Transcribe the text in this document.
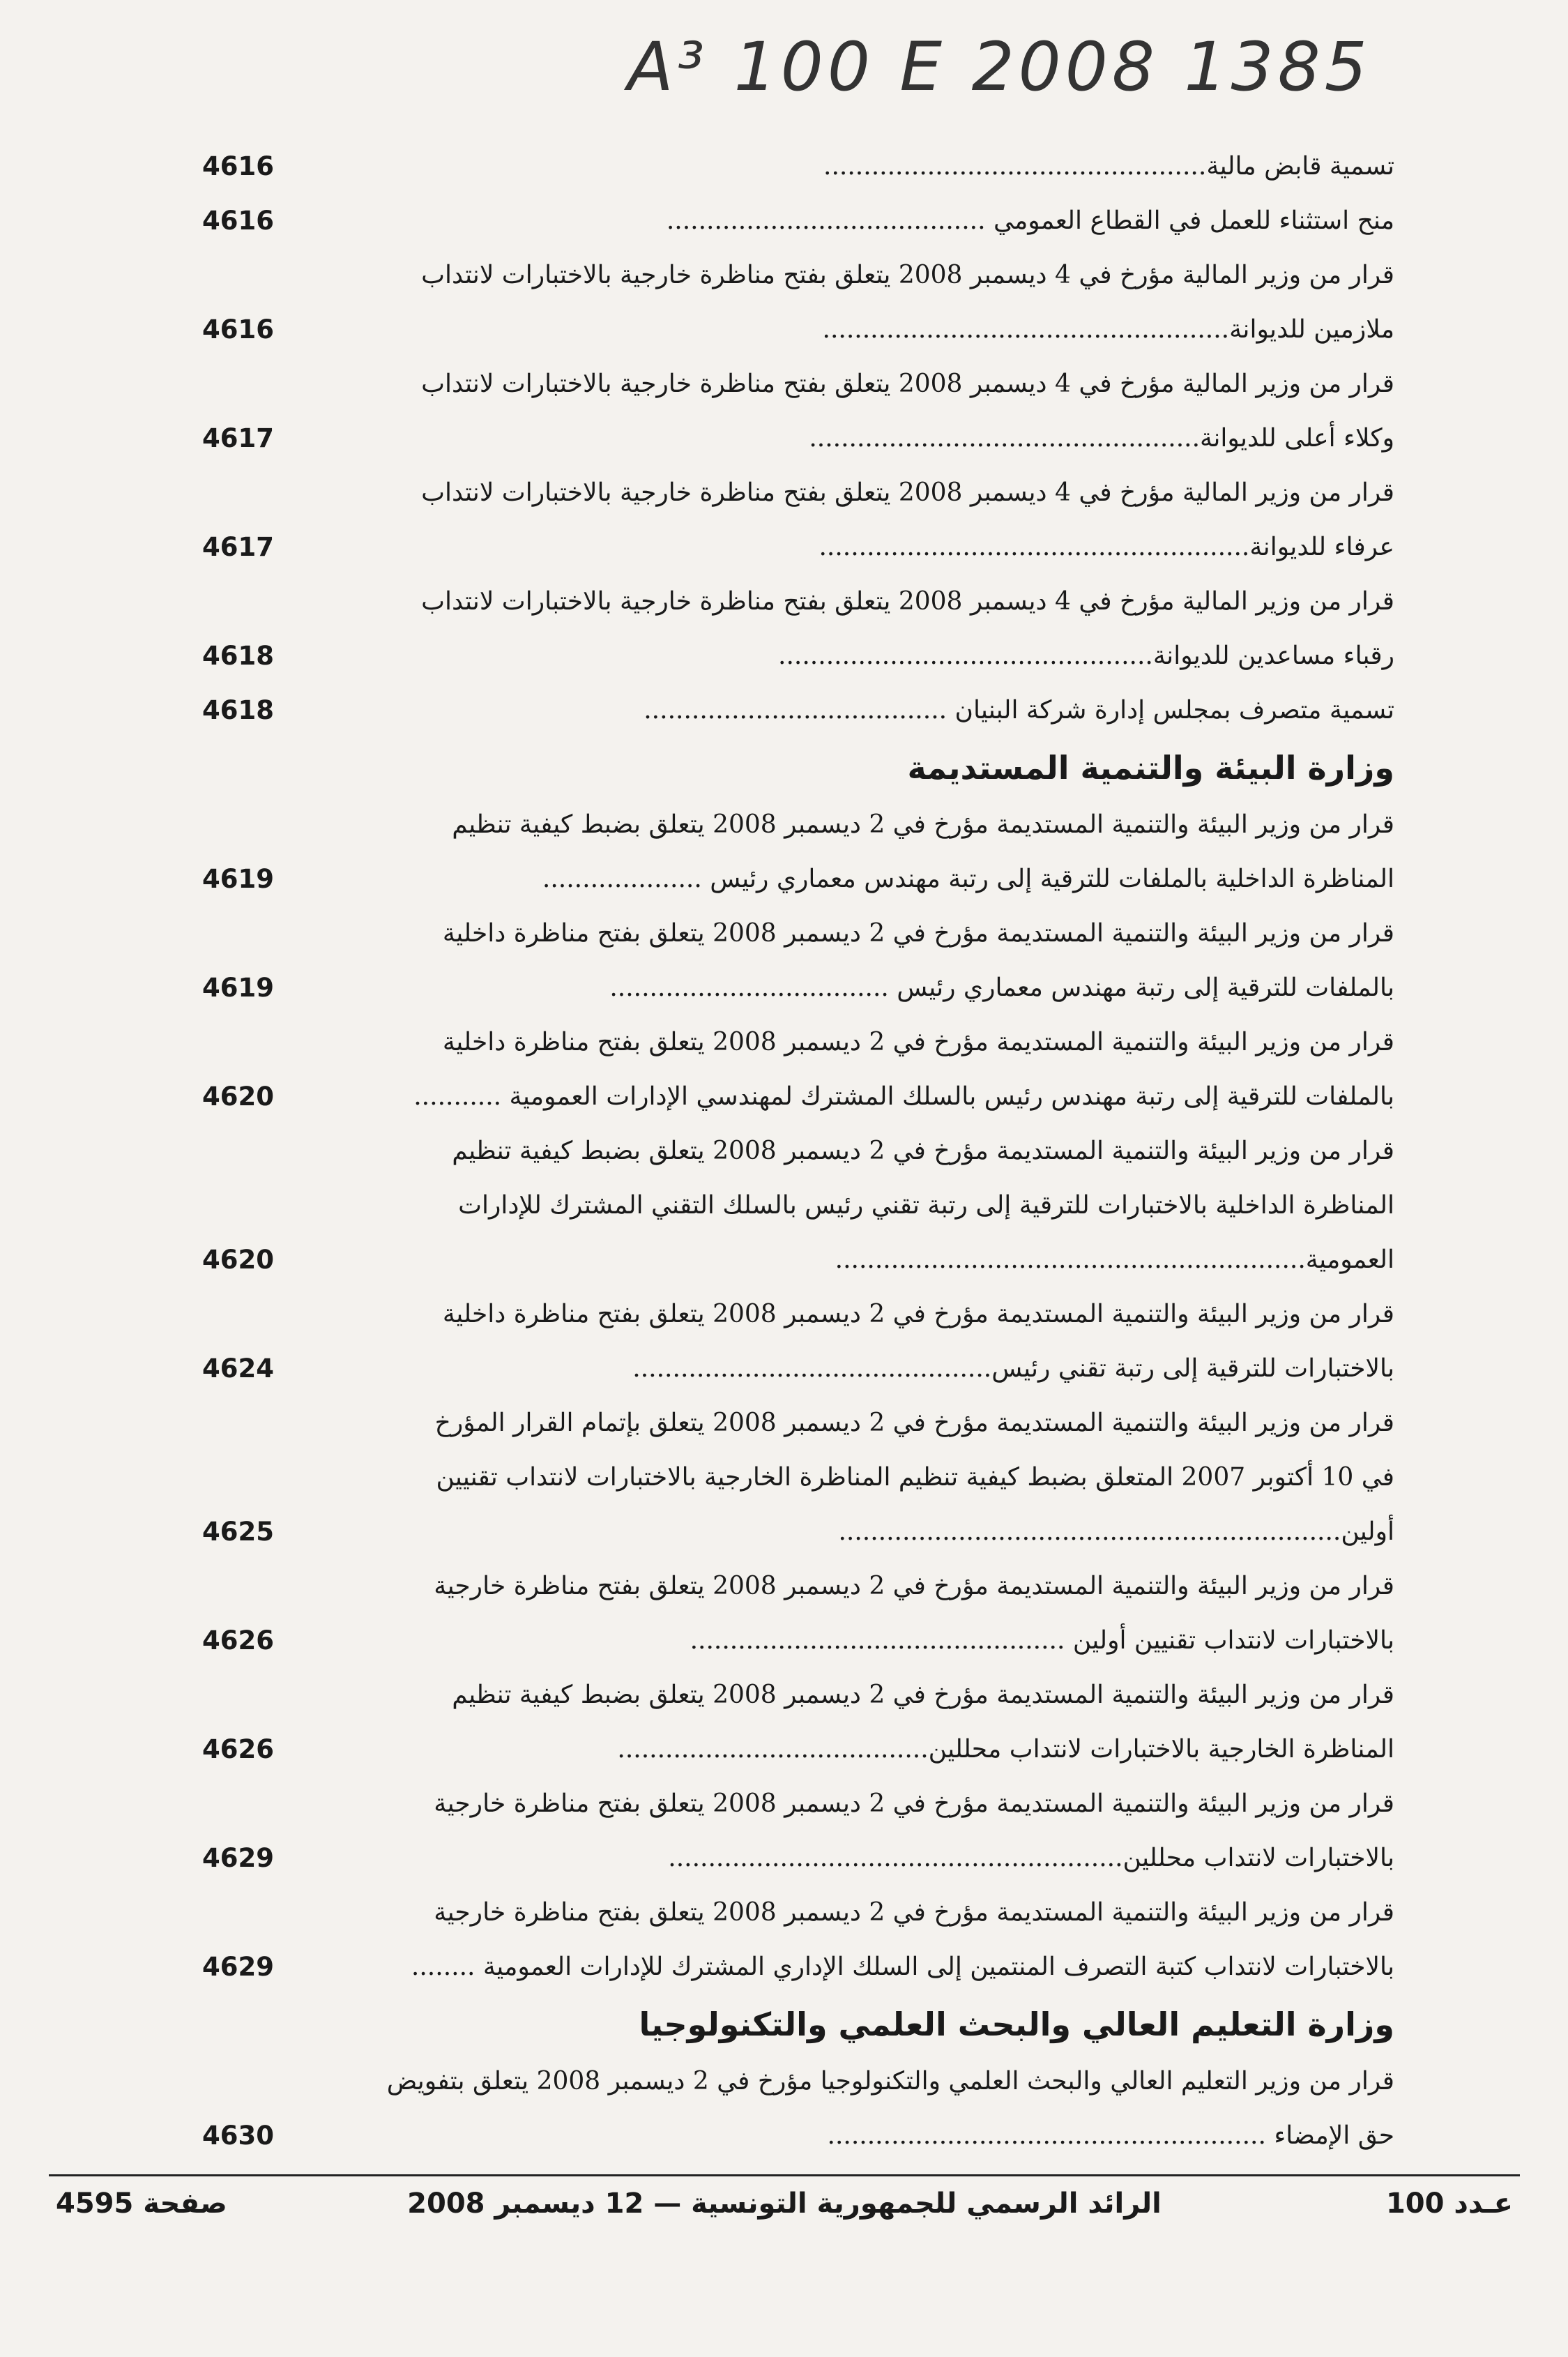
A³ 100 E 2008 1385
تسمية قابض مالية................................................
4616
منح استثناء للعمل في القطاع العمومي ........................................
4616
قرار من وزير المالية مؤرخ في 4 ديسمبر 2008 يتعلق بفتح مناظرة خارجية بالاختبارات لانتداب
ملازمين للديوانة...................................................
4616
قرار من وزير المالية مؤرخ في 4 ديسمبر 2008 يتعلق بفتح مناظرة خارجية بالاختبارات لانتداب
وكلاء أعلى للديوانة.................................................
4617
قرار من وزير المالية مؤرخ في 4 ديسمبر 2008 يتعلق بفتح مناظرة خارجية بالاختبارات لانتداب
عرفاء للديوانة......................................................
4617
قرار من وزير المالية مؤرخ في 4 ديسمبر 2008 يتعلق بفتح مناظرة خارجية بالاختبارات لانتداب
رقباء مساعدين للديوانة...............................................
4618
تسمية متصرف بمجلس إدارة شركة البنيان ......................................
4618
وزارة البيئة والتنمية المستديمة
قرار من وزير البيئة والتنمية المستديمة مؤرخ في 2 ديسمبر 2008 يتعلق بضبط كيفية تنظيم
المناظرة الداخلية بالملفات للترقية إلى رتبة مهندس معماري رئيس ....................
4619
قرار من وزير البيئة والتنمية المستديمة مؤرخ في 2 ديسمبر 2008 يتعلق بفتح مناظرة داخلية
بالملفات للترقية إلى رتبة مهندس معماري رئيس ...................................
4619
قرار من وزير البيئة والتنمية المستديمة مؤرخ في 2 ديسمبر 2008 يتعلق بفتح مناظرة داخلية
بالملفات للترقية إلى رتبة مهندس رئيس بالسلك المشترك لمهندسي الإدارات العمومية ...........
4620
قرار من وزير البيئة والتنمية المستديمة مؤرخ في 2 ديسمبر 2008 يتعلق بضبط كيفية تنظيم
المناظرة الداخلية بالاختبارات للترقية إلى رتبة تقني رئيس بالسلك التقني المشترك للإدارات
العمومية...........................................................
4620
قرار من وزير البيئة والتنمية المستديمة مؤرخ في 2 ديسمبر 2008 يتعلق بفتح مناظرة داخلية
بالاختبارات للترقية إلى رتبة تقني رئيس.............................................
4624
قرار من وزير البيئة والتنمية المستديمة مؤرخ في 2 ديسمبر 2008 يتعلق بإتمام القرار المؤرخ
في 10 أكتوبر 2007 المتعلق بضبط كيفية تنظيم المناظرة الخارجية بالاختبارات لانتداب تقنيين
أولين...............................................................
4625
قرار من وزير البيئة والتنمية المستديمة مؤرخ في 2 ديسمبر 2008 يتعلق بفتح مناظرة خارجية
بالاختبارات لانتداب تقنيين أولين ...............................................
4626
قرار من وزير البيئة والتنمية المستديمة مؤرخ في 2 ديسمبر 2008 يتعلق بضبط كيفية تنظيم
المناظرة الخارجية بالاختبارات لانتداب محللين.......................................
4626
قرار من وزير البيئة والتنمية المستديمة مؤرخ في 2 ديسمبر 2008 يتعلق بفتح مناظرة خارجية
بالاختبارات لانتداب محللين.........................................................
4629
قرار من وزير البيئة والتنمية المستديمة مؤرخ في 2 ديسمبر 2008 يتعلق بفتح مناظرة خارجية
بالاختبارات لانتداب كتبة التصرف المنتمين إلى السلك الإداري المشترك للإدارات العمومية ........
4629
وزارة التعليم العالي والبحث العلمي والتكنولوجيا
قرار من وزير التعليم العالي والبحث العلمي والتكنولوجيا مؤرخ في 2 ديسمبر 2008 يتعلق بتفويض
حق الإمضاء .......................................................
4630
صفحة 4595	الرائد الرسمي للجمهورية التونسية — 12 ديسمبر 2008	عـدد 100
